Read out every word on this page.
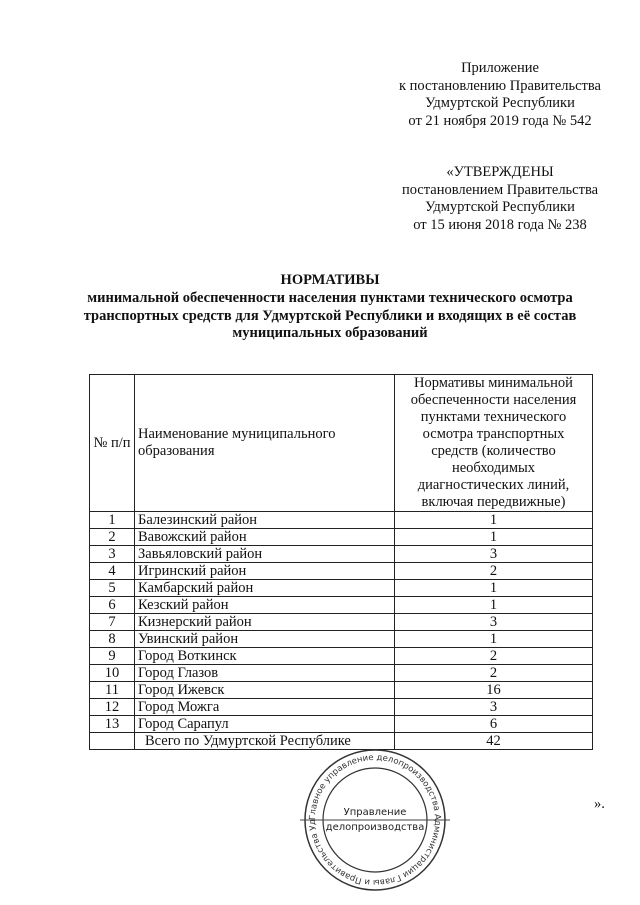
Приложение
к постановлению Правительства
Удмуртской Республики
от 21 ноября 2019 года № 542
«УТВЕРЖДЕНЫ
постановлением Правительства
Удмуртской Республики
от 15 июня 2018 года № 238
НОРМАТИВЫ
минимальной обеспеченности населения пунктами технического осмотра транспортных средств для Удмуртской Республики и входящих в её состав муниципальных образований
№ п/п	Наименование муниципального образования	Нормативы минимальной обеспеченности населения пунктами технического осмотра транспортных средств (количество необходимых диагностических линий, включая передвижные)
1	Балезинский район	1
2	Вавожский район	1
3	Завьяловский район	3
4	Игринский район	2
5	Камбарский район	1
6	Кезский район	1
7	Кизнерский район	3
8	Увинский район	1
9	Город Воткинск	2
10	Город Глазов	2
11	Город Ижевск	16
12	Город Можга	3
13	Город Сарапул	6
	Всего по Удмуртской Республике	42
».
Главное управление делопроизводства Администрации Главы и Правительства Уд
Управление
делопроизводства
